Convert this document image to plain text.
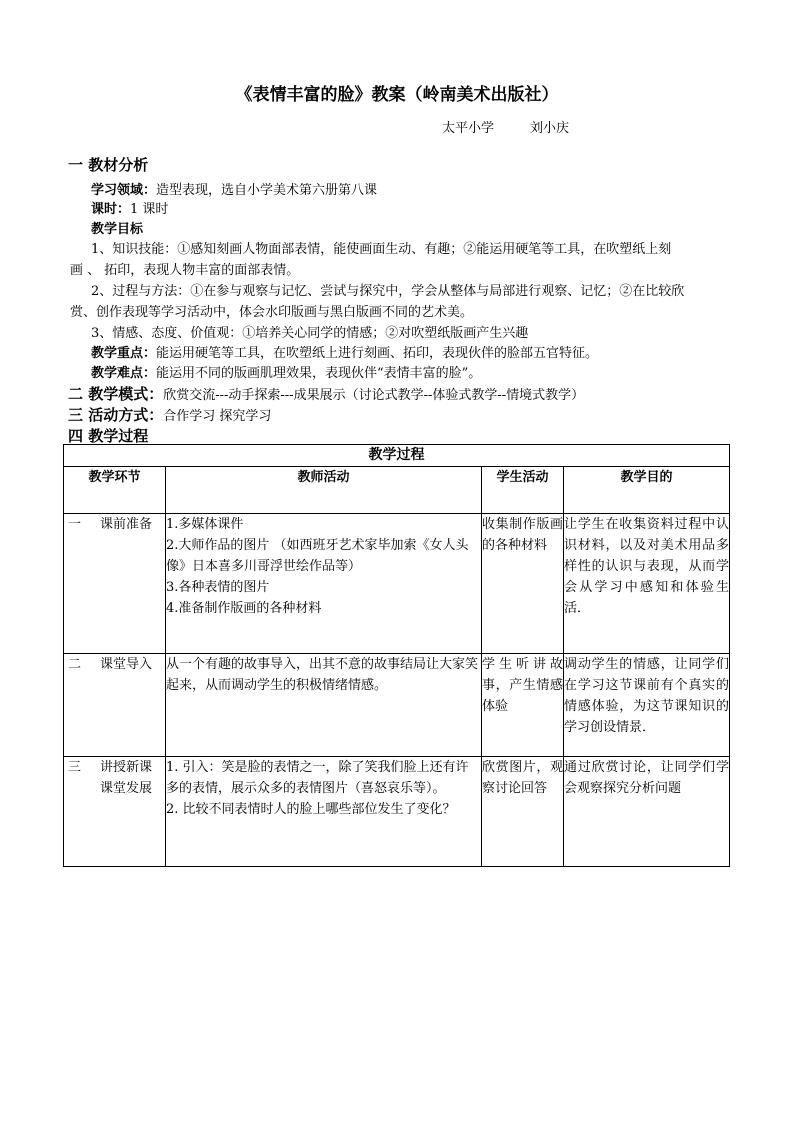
《表情丰富的脸》教案（岭南美术出版社）
太平小学	刘小庆
一 教材分析
学习领域：造型表现，选自小学美术第六册第八课
课时：1 课时
教学目标
1、知识技能：①感知刻画人物面部表情，能使画面生动、有趣；②能运用硬笔等工具，在吹塑纸上刻
画 、 拓印，表现人物丰富的面部表情。
2、过程与方法：①在参与观察与记忆、尝试与探究中，学会从整体与局部进行观察、记忆；②在比较欣
赏、创作表现等学习活动中，体会水印版画与黑白版画不同的艺术美。
3、情感、态度、价值观：①培养关心同学的情感；②对吹塑纸版画产生兴趣
教学重点：能运用硬笔等工具，在吹塑纸上进行刻画、拓印，表现伙伴的脸部五官特征。
教学难点：能运用不同的版画肌理效果，表现伙伴“表情丰富的脸”。
二 教学模式：欣赏交流---动手探索---成果展示（讨论式教学--体验式教学--情境式教学）
三 活动方式：合作学习 探究学习
四 教学过程
教学过程			
教学环节	教师活动	学生活动	教学目的

一 课前准备	1.多媒体课件
2.大师作品的图片 （如西班牙艺术家毕加索《女人头像》日本喜多川哥浮世绘作品等）
3.各种表情的图片
4.准备制作版画的各种材料	收集制作版画的各种材料	让学生在收集资料过程中认识材料，以及对美术用品多样性的认识与表现，从而学会从学习中感知和体验生活．

二 课堂导入	从一个有趣的故事导入，出其不意的故事结局让大家笑起来，从而调动学生的积极情绪情感。	学生听讲故事，产生情感体验	调动学生的情感，让同学们在学习这节课前有个真实的情感体验，为这节课知识的学习创设情景．

三 讲授新课
课堂发展	1. 引入：笑是脸的表情之一，除了笑我们脸上还有许多的表情，展示众多的表情图片（喜怒哀乐等）。
2. 比较不同表情时人的脸上哪些部位发生了变化？	欣赏图片，观察讨论回答	通过欣赏讨论，让同学们学会观察探究分析问题
